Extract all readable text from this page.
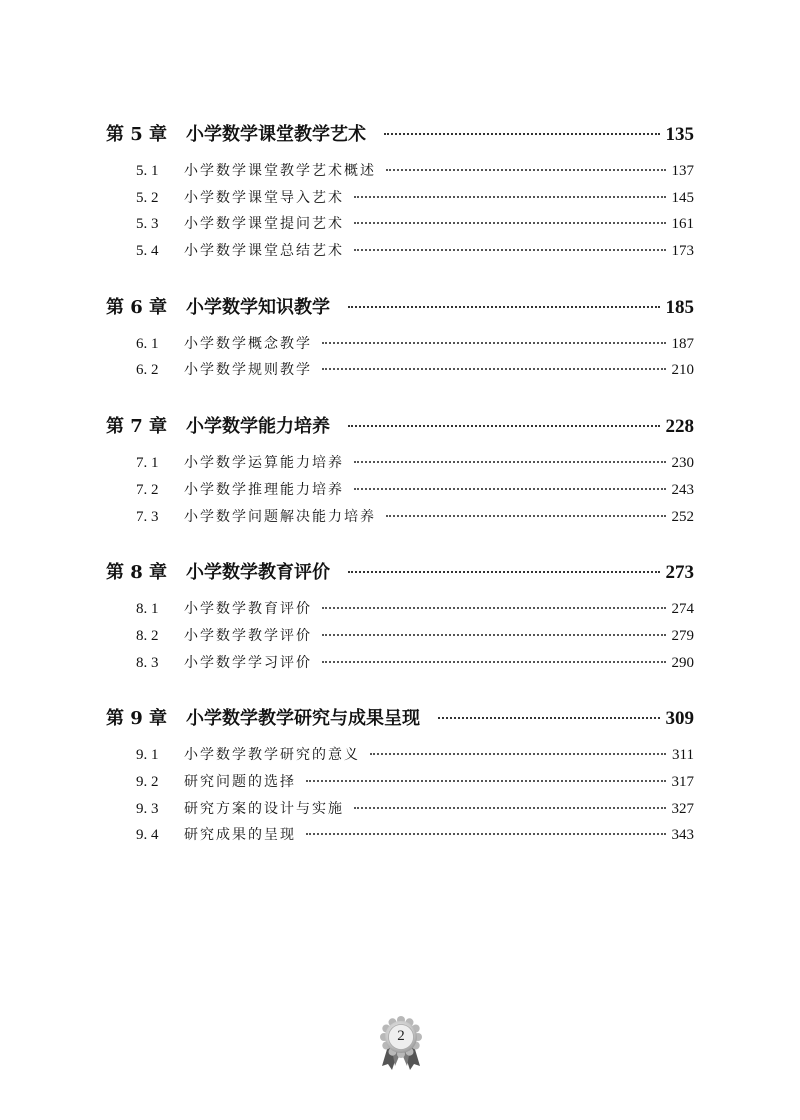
第 5 章	小学数学课堂教学艺术	135
5. 1	小学数学课堂教学艺术概述	137
5. 2	小学数学课堂导入艺术	145
5. 3	小学数学课堂提问艺术	161
5. 4	小学数学课堂总结艺术	173
第 6 章	小学数学知识教学	185
6. 1	小学数学概念教学	187
6. 2	小学数学规则教学	210
第 7 章	小学数学能力培养	228
7. 1	小学数学运算能力培养	230
7. 2	小学数学推理能力培养	243
7. 3	小学数学问题解决能力培养	252
第 8 章	小学数学教育评价	273
8. 1	小学数学教育评价	274
8. 2	小学数学教学评价	279
8. 3	小学数学学习评价	290
第 9 章	小学数学教学研究与成果呈现	309
9. 1	小学数学教学研究的意义	311
9. 2	研究问题的选择	317
9. 3	研究方案的设计与实施	327
9. 4	研究成果的呈现	343
2
